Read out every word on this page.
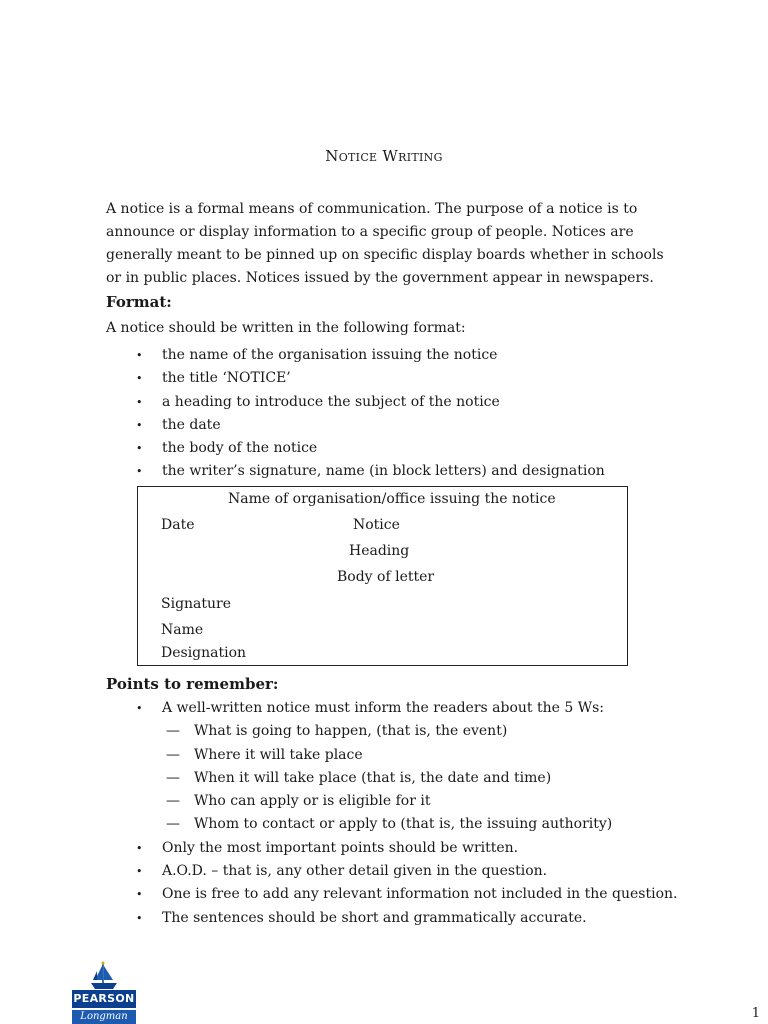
Notice Writing

A notice is a formal means of communication. The purpose of a notice is to announce or display information to a specific group of people. Notices are generally meant to be pinned up on specific display boards whether in schools or in public places. Notices issued by the government appear in newspapers.

Format:

A notice should be written in the following format:

• the name of the organisation issuing the notice
• the title ‘NOTICE’
• a heading to introduce the subject of the notice
• the date
• the body of the notice
• the writer’s signature, name (in block letters) and designation
Name of organisation/office issuing the notice
Date	Notice
Heading
Body of letter
Signature
Name
Designation

Points to remember:

• A well-written notice must inform the readers about the 5 Ws:
— What is going to happen, (that is, the event)
— Where it will take place
— When it will take place (that is, the date and time)
— Who can apply or is eligible for it
— Whom to contact or apply to (that is, the issuing authority)
• Only the most important points should be written.
• A.O.D. – that is, any other detail given in the question.
• One is free to add any relevant information not included in the question.
• The sentences should be short and grammatically accurate.
PEARSON
Longman	1
